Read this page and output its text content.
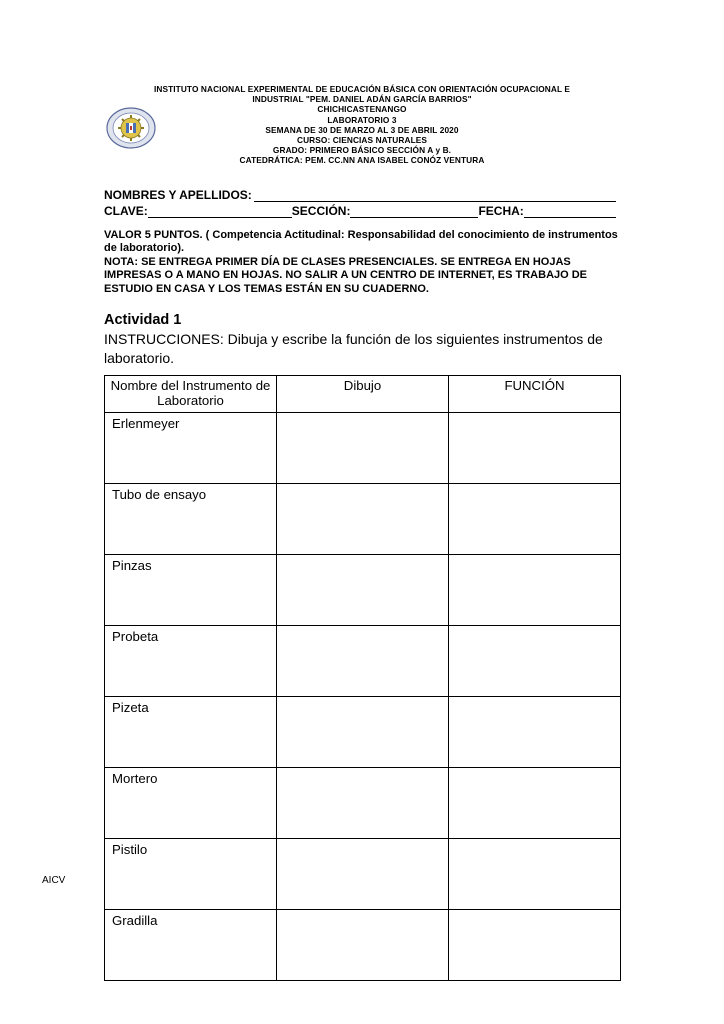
INSTITUTO NACIONAL EXPERIMENTAL DE EDUCACIÓN BÁSICA CON ORIENTACIÓN OCUPACIONAL E
INDUSTRIAL "PEM. DANIEL ADÁN GARCÍA BARRIOS"
CHICHICASTENANGO
LABORATORIO 3
SEMANA DE 30 DE MARZO AL 3 DE ABRIL 2020
CURSO: CIENCIAS NATURALES
GRADO: PRIMERO BÁSICO SECCIÓN A y B.
CATEDRÁTICA: PEM. CC.NN ANA ISABEL CONÓZ VENTURA
NOMBRES Y APELLIDOS:
CLAVE:	SECCIÓN:	FECHA:

VALOR 5 PUNTOS. ( Competencia Actitudinal: Responsabilidad del conocimiento de instrumentos de laboratorio).

NOTA: SE ENTREGA PRIMER DÍA DE CLASES PRESENCIALES. SE ENTREGA EN HOJAS IMPRESAS O A MANO EN HOJAS. NO SALIR A UN CENTRO DE INTERNET, ES TRABAJO DE ESTUDIO EN CASA Y LOS TEMAS ESTÁN EN SU CUADERNO.

Actividad 1
INSTRUCCIONES: Dibuja y escribe la función de los siguientes instrumentos de laboratorio.
Nombre del Instrumento de Laboratorio	Dibujo	FUNCIÓN
Erlenmeyer		
Tubo de ensayo		
Pinzas		
Probeta		
Pizeta		
Mortero		
Pistilo		
Gradilla		
AICV
